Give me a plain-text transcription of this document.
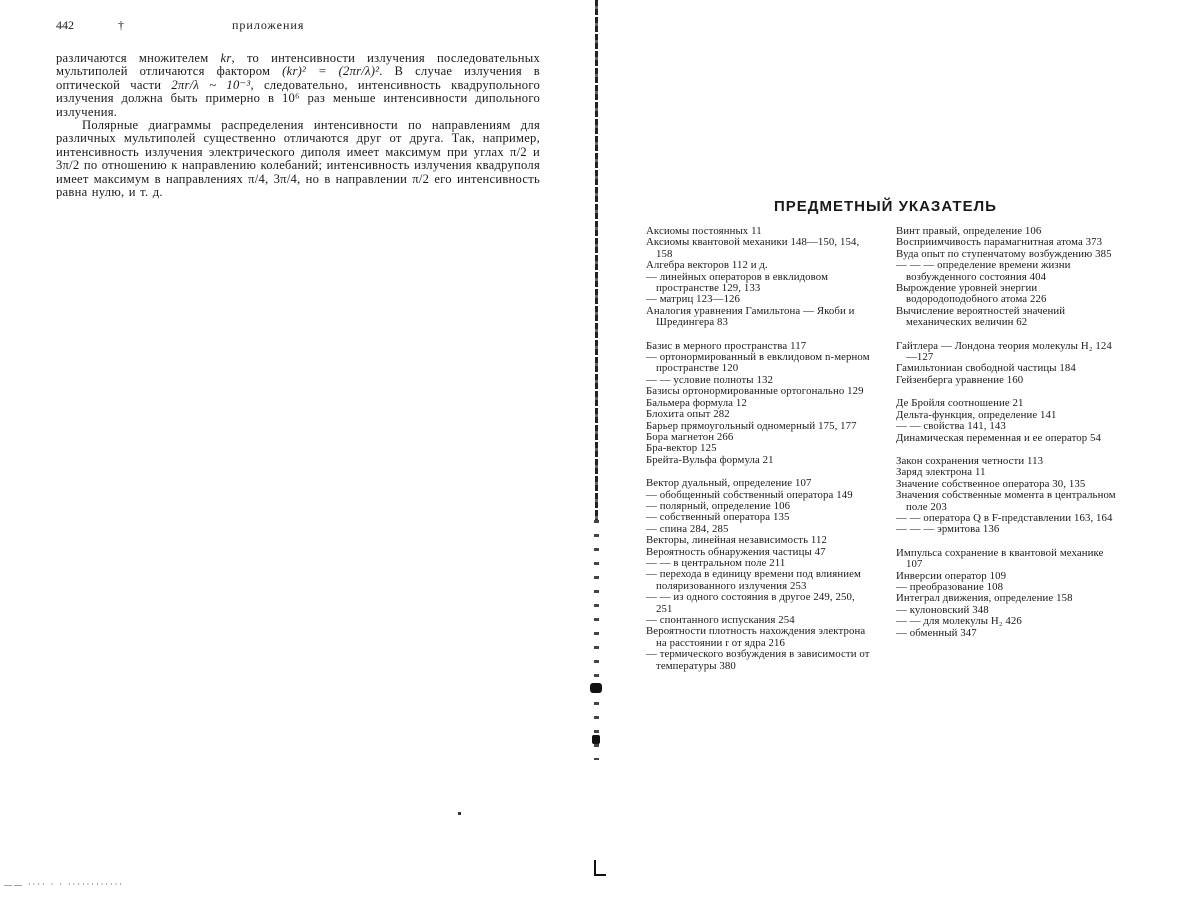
442	†	приложения

различаются множителем kr, то интенсивности излучения последовательных мультиполей отличаются фактором (kr)² = (2πr/λ)². В случае излучения в оптической части 2πr/λ ~ 10⁻³, следовательно, интенсивность квадрупольного излучения должна быть примерно в 10⁶ раз меньше интенсивности дипольного излучения.

Полярные диаграммы распределения интенсивности по направлениям для различных мультиполей существенно отличаются друг от друга. Так, например, интенсивность излучения электрического диполя имеет максимум при углах π/2 и 3π/2 по отношению к направлению колебаний; интенсивность излучения квадруполя имеет максимум в направлениях π/4, 3π/4, но в направлении π/2 его интенсивность равна нулю, и т. д.

—— ···· · · ············
ПРЕДМЕТНЫЙ УКАЗАТЕЛЬ

Аксиомы постоянных 11

Аксиомы квантовой механики 148—150, 154, 158

Алгебра векторов 112 и д.

— линейных операторов в евклидовом пространстве 129, 133

— матриц 123—126

Аналогия уравнения Гамильтона — Якоби и Шредингера 83

Базис в мерного пространства 117

— ортонормированный в евклидовом n-мерном пространстве 120

— — условие полноты 132

Базисы ортонормированные ортогонально 129

Бальмера формула 12

Блохита опыт 282

Барьер прямоугольный одномерный 175, 177

Бора магнетон 266

Бра-вектор 125

Брейта-Вульфа формула 21

Вектор дуальный, определение 107

— обобщенный собственный оператора 149

— полярный, определение 106

— собственный оператора 135

— спина 284, 285

Векторы, линейная независимость 112

Вероятность обнаружения частицы 47

— — в центральном поле 211

— перехода в единицу времени под влиянием поляризованного излучения 253

— — из одного состояния в другое 249, 250, 251

— спонтанного испускания 254

Вероятности плотность нахождения электрона на расстоянии r от ядра 216

— термического возбуждения в зависимости от температуры 380

Винт правый, определение 106

Восприимчивость парамагнитная атома 373

Вуда опыт по ступенчатому возбуждению 385

— — — определение времени жизни возбужденного состояния 404

Вырождение уровней энергии водородоподобного атома 226

Вычисление вероятностей значений механических величин 62

Гайтлера — Лондона теория молекулы H₂ 124—127

Гамильтониан свободной частицы 184

Гейзенберга уравнение 160

Де Бройля соотношение 21

Дельта-функция, определение 141

— — свойства 141, 143

Динамическая переменная и ее оператор 54

Закон сохранения четности 113

Заряд электрона 11

Значение собственное оператора 30, 135

Значения собственные момента в центральном поле 203

— — оператора Q в F-представлении 163, 164

— — — эрмитова 136

Импульса сохранение в квантовой механике 107

Инверсии оператор 109

— преобразование 108

Интеграл движения, определение 158

— кулоновский 348

— — для молекулы H₂ 426

— обменный 347
